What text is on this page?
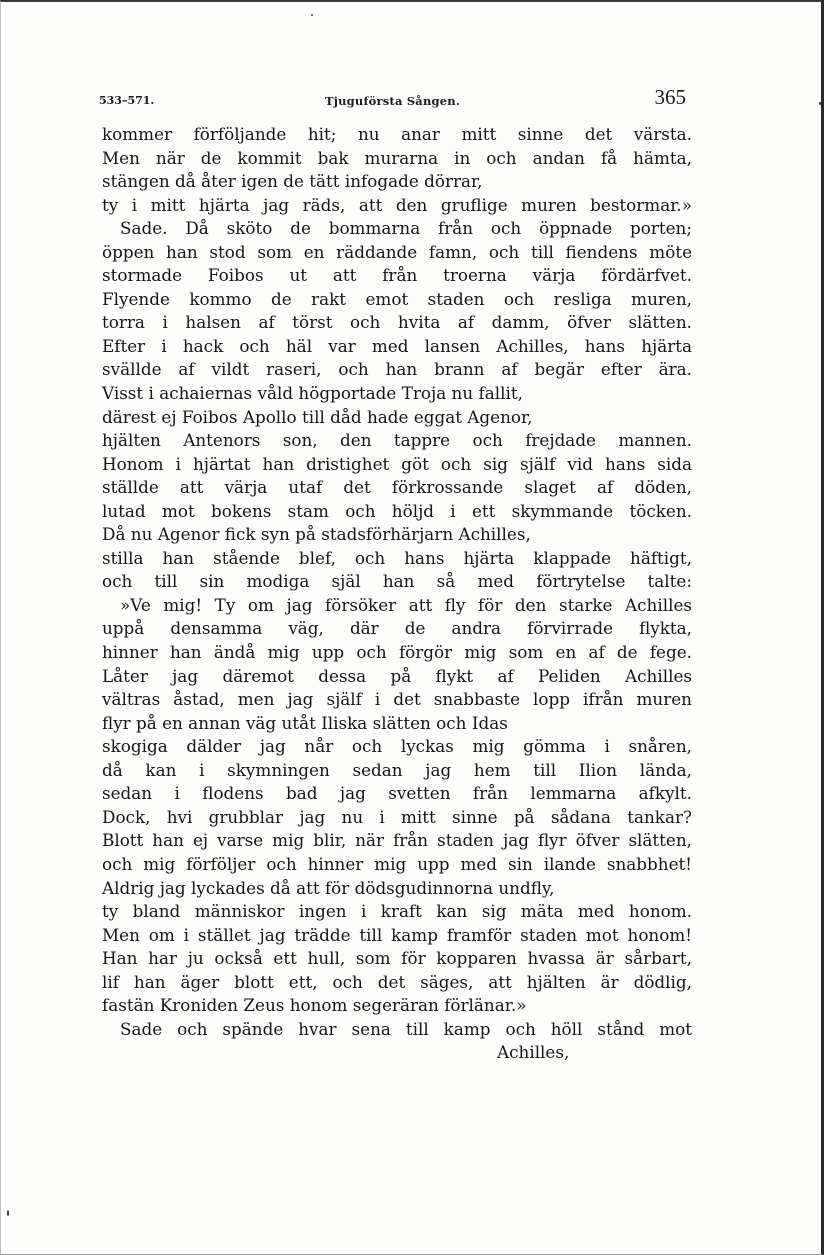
533–571.	Tjuguförsta Sången.	365
kommer förföljande hit; nu anar mitt sinne det värsta.
Men när de kommit bak murarna in och andan få hämta,
stängen då åter igen de tätt infogade dörrar,
ty i mitt hjärta jag räds, att den gruflige muren bestormar.»
Sade. Då sköto de bommarna från och öppnade porten;
öppen han stod som en räddande famn, och till fiendens möte
stormade Foibos ut att från troerna värja fördärfvet.
Flyende kommo de rakt emot staden och resliga muren,
torra i halsen af törst och hvita af damm, öfver slätten.
Efter i hack och häl var med lansen Achilles, hans hjärta
svällde af vildt raseri, och han brann af begär efter ära.
Visst i achaiernas våld högportade Troja nu fallit,
därest ej Foibos Apollo till dåd hade eggat Agenor,
hjälten Antenors son, den tappre och frejdade mannen.
Honom i hjärtat han dristighet göt och sig själf vid hans sida
ställde att värja utaf det förkrossande slaget af döden,
lutad mot bokens stam och höljd i ett skymmande töcken.
Då nu Agenor fick syn på stadsförhärjarn Achilles,
stilla han stående blef, och hans hjärta klappade häftigt,
och till sin modiga själ han så med förtrytelse talte:
»Ve mig! Ty om jag försöker att fly för den starke Achilles
uppå densamma väg, där de andra förvirrade flykta,
hinner han ändå mig upp och förgör mig som en af de fege.
Låter jag däremot dessa på flykt af Peliden Achilles
vältras åstad, men jag själf i det snabbaste lopp ifrån muren
flyr på en annan väg utåt Iliska slätten och Idas
skogiga dälder jag når och lyckas mig gömma i snåren,
då kan i skymningen sedan jag hem till Ilion lända,
sedan i flodens bad jag svetten från lemmarna afkylt.
Dock, hvi grubblar jag nu i mitt sinne på sådana tankar?
Blott han ej varse mig blir, när från staden jag flyr öfver slätten,
och mig förföljer och hinner mig upp med sin ilande snabbhet!
Aldrig jag lyckades då att för dödsgudinnorna undfly,
ty bland människor ingen i kraft kan sig mäta med honom.
Men om i stället jag trädde till kamp framför staden mot honom!
Han har ju också ett hull, som för kopparen hvassa är sårbart,
lif han äger blott ett, och det säges, att hjälten är dödlig,
fastän Kroniden Zeus honom segeräran förlänar.»
Sade och spände hvar sena till kamp och höll stånd mot
Achilles,
